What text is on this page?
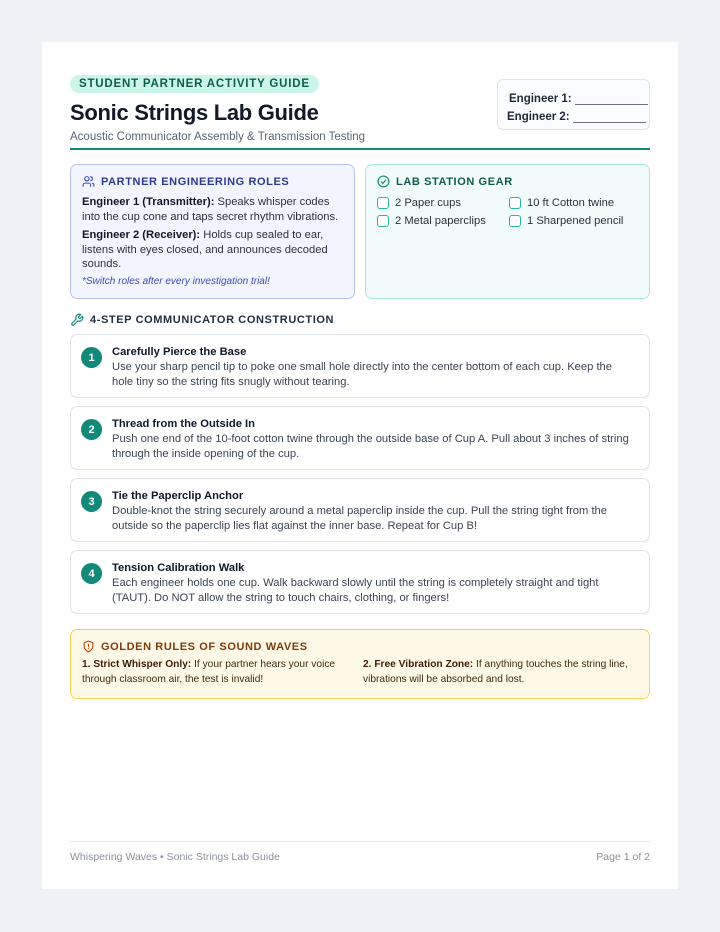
STUDENT PARTNER ACTIVITY GUIDE
Sonic Strings Lab Guide
Acoustic Communicator Assembly & Transmission Testing
Engineer 1:
Engineer 2:
PARTNER ENGINEERING ROLES
Engineer 1 (Transmitter): Speaks whisper codes into the cup cone and taps secret rhythm vibrations.
Engineer 2 (Receiver): Holds cup sealed to ear, listens with eyes closed, and announces decoded sounds.
*Switch roles after every investigation trial!
LAB STATION GEAR
2 Paper cups	10 ft Cotton twine
2 Metal paperclips	1 Sharpened pencil
4-STEP COMMUNICATOR CONSTRUCTION
1	Carefully Pierce the Base
Use your sharp pencil tip to poke one small hole directly into the center bottom of each cup. Keep the hole tiny so the string fits snugly without tearing.
2	Thread from the Outside In
Push one end of the 10-foot cotton twine through the outside base of Cup A. Pull about 3 inches of string through the inside opening of the cup.
3	Tie the Paperclip Anchor
Double-knot the string securely around a metal paperclip inside the cup. Pull the string tight from the outside so the paperclip lies flat against the inner base. Repeat for Cup B!
4	Tension Calibration Walk
Each engineer holds one cup. Walk backward slowly until the string is completely straight and tight (TAUT). Do NOT allow the string to touch chairs, clothing, or fingers!
GOLDEN RULES OF SOUND WAVES
1. Strict Whisper Only: If your partner hears your voice through classroom air, the test is invalid!
2. Free Vibration Zone: If anything touches the string line, vibrations will be absorbed and lost.
Whispering Waves • Sonic Strings Lab Guide	Page 1 of 2
